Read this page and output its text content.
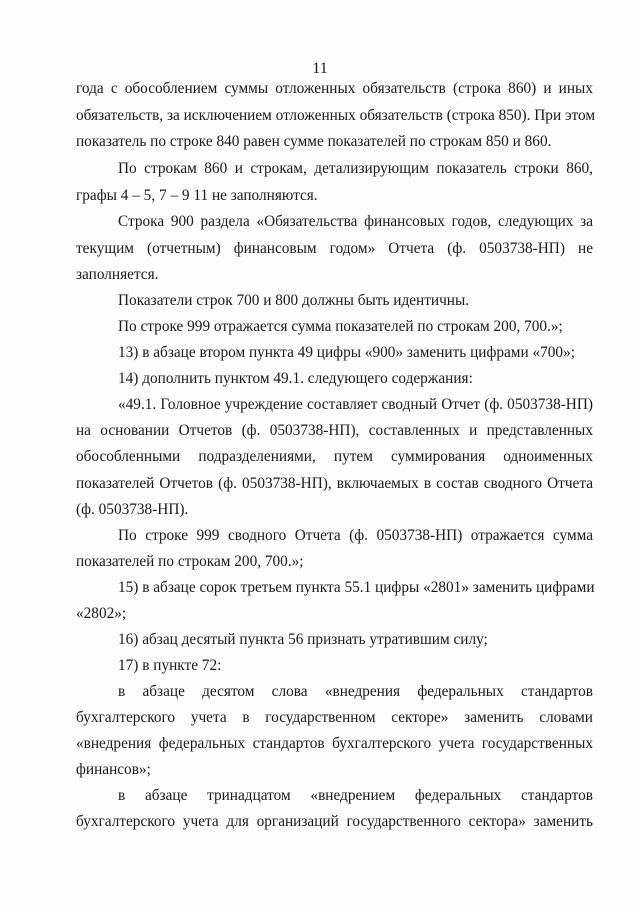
11
года с обособлением суммы отложенных обязательств (строка 860) и иных
обязательств, за исключением отложенных обязательств (строка 850). При этом
показатель по строке 840 равен сумме показателей по строкам 850 и 860.
По строкам 860 и строкам, детализирующим показатель строки 860,
графы 4 – 5, 7 – 9 11 не заполняются.
Строка 900 раздела «Обязательства финансовых годов, следующих за
текущим (отчетным) финансовым годом» Отчета (ф. 0503738-НП) не
заполняется.
Показатели строк 700 и 800 должны быть идентичны.
По строке 999 отражается сумма показателей по строкам 200, 700.»;
13) в абзаце втором пункта 49 цифры «900» заменить цифрами «700»;
14) дополнить пунктом 49.1. следующего содержания:
«49.1. Головное учреждение составляет сводный Отчет (ф. 0503738-НП)
на основании Отчетов (ф. 0503738-НП), составленных и представленных
обособленными подразделениями, путем суммирования одноименных
показателей Отчетов (ф. 0503738-НП), включаемых в состав сводного Отчета
(ф. 0503738-НП).
По строке 999 сводного Отчета (ф. 0503738-НП) отражается сумма
показателей по строкам 200, 700.»;
15) в абзаце сорок третьем пункта 55.1 цифры «2801» заменить цифрами
«2802»;
16) абзац десятый пункта 56 признать утратившим силу;
17) в пункте 72:
в абзаце десятом слова «внедрения федеральных стандартов
бухгалтерского учета в государственном секторе» заменить словами
«внедрения федеральных стандартов бухгалтерского учета государственных
финансов»;
в абзаце тринадцатом «внедрением федеральных стандартов
бухгалтерского учета для организаций государственного сектора» заменить
